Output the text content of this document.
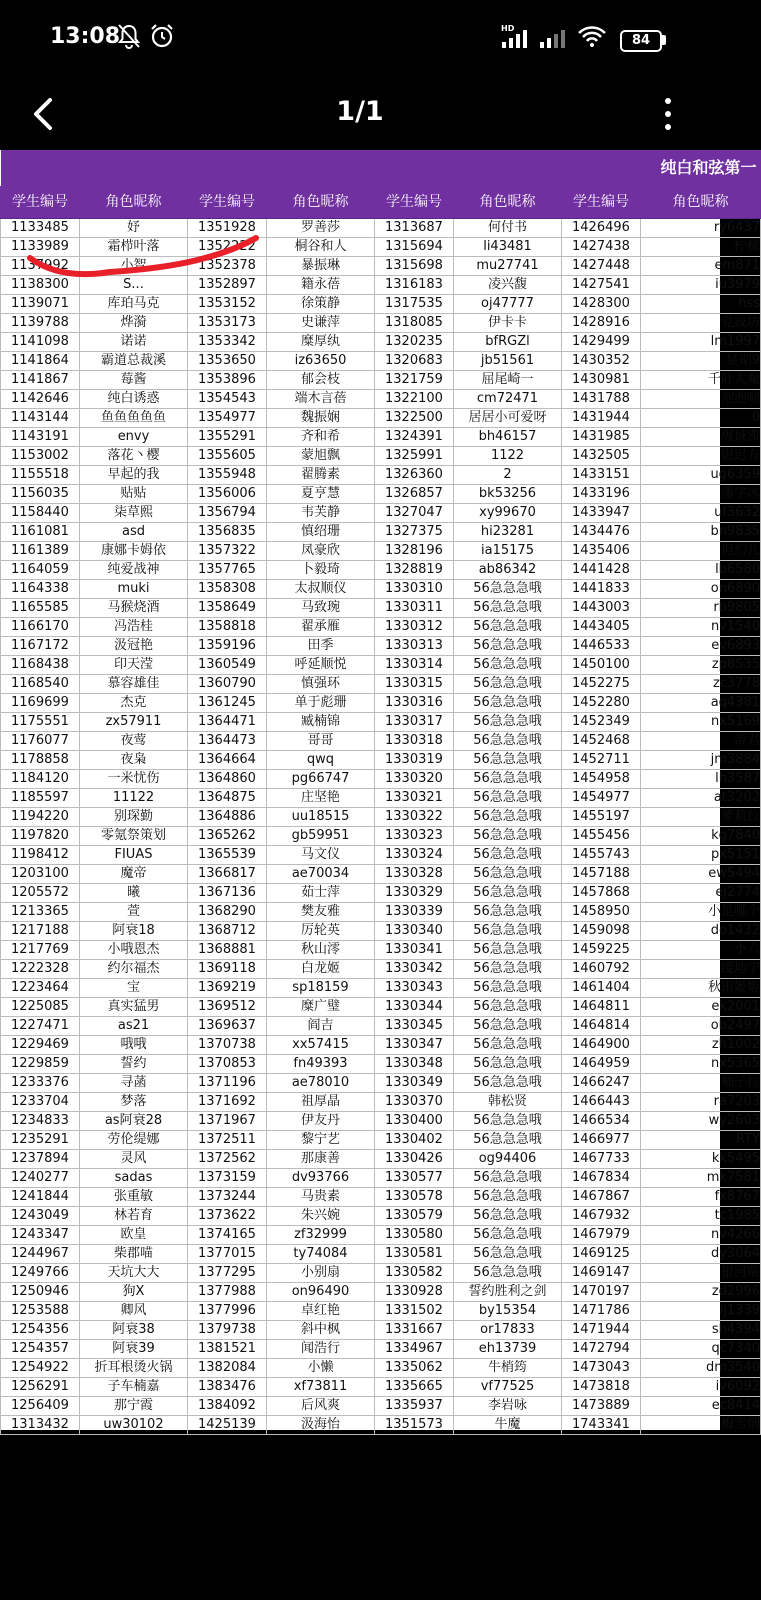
13:08	HD
84
1/1
纯白和弦第一							
学生编号	角色昵称	学生编号	角色昵称	学生编号	角色昵称	学生编号	角色昵称
1133485	妤	1351928	罗善莎	1313687	何付书	1426496	ry6437
1133989	霜栉叶落	1352222	桐谷和人	1315694	li43481	1427438	柠檬
1137992	小智	1352378	暴振琳	1315698	mu27741	1427448	em871
1138300	S...	1352897	籍永蓓	1316183	凌兴馥	1427541	iu3979
1139071	库珀马克	1353152	徐策静	1317535	oj47777	1428300	hss
1139788	烨漪	1353173	史谦萍	1318085	伊卡卡	1428916	党波坊
1141098	诺诺	1353342	糜厚纨	1320235	bfRGZl	1429499	lm1997
1141864	霸道总裁溪	1353650	iz63650	1320683	jb51561	1430352	星期9
1141867	莓酱	1353896	郁会枝	1321759	屈尾崎一	1430981	千叶大魔
1142646	纯白诱惑	1354543	端木言蓓	1322100	cm72471	1431788	泡泡唬
1143144	鱼鱼鱼鱼鱼	1354977	魏振娴	1322500	居居小可爱呀	1431944	0
1143191	envy	1355291	齐和希	1324391	bh46157	1431985	周诚滞
1153002	落花丶樱	1355605	蒙旭飘	1325991	1122	1432505	尉迟方
1155518	早起的我	1355948	翟腾素	1326360	2	1433151	ug6359
1156035	贴贴	1356006	夏亨慧	1326857	bk53256	1433196	潘学冰
1158440	柒草熙	1356794	韦芙静	1327047	xy99670	1433947	uf3632
1161081	asd	1356835	慎绍珊	1327375	hi23281	1434476	bn9835
1161389	康娜卡姆依	1357322	凤豪欣	1328196	ia15175	1435406	但幻儿
1164059	纯爱战神	1357765	卜毅琦	1328819	ab86342	1441428	lb6580
1164338	muki	1358308	太叔顺仪	1330310	56急急急哦	1441833	on6890
1165585	马猴烧酒	1358649	马致琬	1330311	56急急急哦	1443003	rb9805
1166170	冯浩桂	1358818	翟承雁	1330312	56急急急哦	1443405	nv1540
1167172	汲冠艳	1359196	田季	1330313	56急急急哦	1446533	ev6893
1168438	印天滢	1360549	呼延顺悦	1330314	56急急急哦	1450100	zp8535
1168540	慕容雄佳	1360790	慎强环	1330315	56急急急哦	1452275	zc3778
1169699	杰克	1361245	单于彪珊	1330316	56急急急哦	1452280	aq4381
1175551	zx57911	1364471	臧楠锦	1330317	56急急急哦	1452349	nx5169
1176077	夜莺	1364473	哥哥	1330318	56急急急哦	1452468	帝君
1178858	夜枭	1364664	qwq	1330319	56急急急哦	1452711	jm3884
1184120	一米忧伤	1364860	pg66747	1330320	56急急急哦	1454958	lh3587
1185597	11122	1364875	庄坚艳	1330321	56急急急哦	1454977	at3202
1194220	别琛勤	1364886	uu18515	1330322	56急急急哦	1455197	萝莉拉
1197820	零氪祭策划	1365262	gb59951	1330323	56急急急哦	1455456	kg7840
1198412	FIUAS	1365539	马文仪	1330324	56急急急哦	1455743	px5151
1203100	魔帝	1366817	ae70034	1330328	56急急急哦	1457188	ew5494
1205572	曦	1367136	茹士萍	1330329	56急急急哦	1457868	ej2774
1213365	萱	1368290	樊友雅	1330339	56急急急哦	1458950	小是哪个
1217188	阿衰18	1368712	厉轮英	1330340	56急急急哦	1459098	do1432
1217769	小哦恩杰	1368881	秋山澪	1330341	56急急急哦	1459225	小六
1222328	约尔福杰	1369118	白龙姬	1330342	56急急急哦	1460792	缓地宁
1223464	宝	1369219	sp18159	1330343	56急急急哦	1461404	秋田姬姬
1225085	真实猛男	1369512	糜广璧	1330344	56急急急哦	1464811	ek2001
1227471	as21	1369637	阎吉	1330345	56急急急哦	1464814	ob2497
1229469	哦哦	1370738	xx57415	1330347	56急急急哦	1464900	zh1002
1229859	誓约	1370853	fn49393	1330348	56急急急哦	1464959	nx5365
1233376	寻菡	1371196	ae78010	1330349	56急急急哦	1466247	柚子拉
1233704	梦落	1371692	祖厚晶	1330370	韩松贤	1466443	ra7203
1234833	as阿衰28	1371967	伊友丹	1330400	56急急急哦	1466534	wy2603
1235291	劳伦缇娜	1372511	黎宁艺	1330402	56急急急哦	1466977	RTY
1237894	灵风	1372562	那康善	1330426	og94406	1467733	kk5495
1240277	sadas	1373159	dv93766	1330577	56急急急哦	1467834	mk7581
1241844	张重敏	1373244	马贵素	1330578	56急急急哦	1467867	fx8767
1243049	林若育	1373622	朱兴婉	1330579	56急急急哦	1467932	tc1985
1243347	欧皇	1374165	zf32999	1330580	56急急急哦	1467979	nv4266
1244967	柴郡喵	1377015	ty74084	1330581	56急急急哦	1469125	dy3064
1249766	天坑大大	1377295	小别扇	1330582	56急急急哦	1469147	银河喵
1250946	狗X	1377988	on96490	1330928	誓约胜利之剑	1470197	zd2996
1253588	卿风	1377996	卓红艳	1331502	by15354	1471786	ij1339
1254356	阿衰38	1379738	斜中枫	1331667	or17833	1471944	sh4394
1254357	阿衰39	1381521	闻浩行	1334967	eh13739	1472794	qc7340
1254922	折耳根烫火锅	1382084	小懒	1335062	牛梢筠	1473043	dm3540
1256291	子车楠嘉	1383476	xf73811	1335665	vf77525	1473818	iv6092
1256409	那宁霞	1384092	后风爽	1335937	李岩咏	1473889	ec8414
1313432	uw30102	1425139	汲海怡	1351573	牛魔	1743341	梅雪烟
